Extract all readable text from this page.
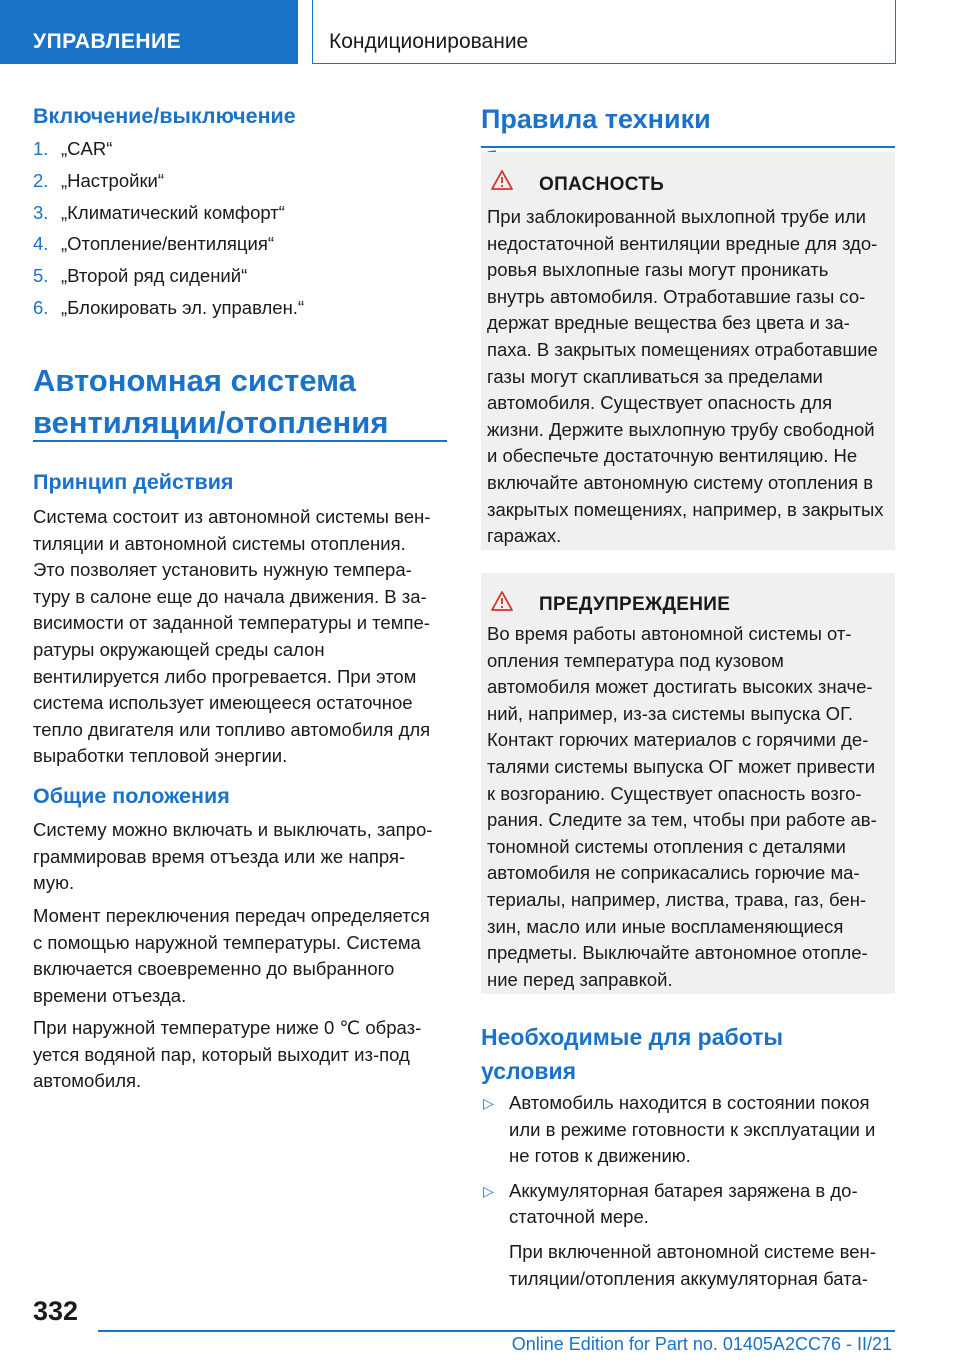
УПРАВЛЕНИЕ	Кондиционирование
Включение/выключение
1. „CAR“
2. „Настройки“
3. „Климатический комфорт“
4. „Отопление/вентиляция“
5. „Второй ряд сидений“
6. „Блокировать эл. управлен.“
Автономная система
вентиляции/отопления
Принцип действия
Система состоит из автономной системы вен-
тиляции и автономной системы отопления.
Это позволяет установить нужную темпера-
туру в салоне еще до начала движения. В за-
висимости от заданной температуры и темпе-
ратуры окружающей среды салон
вентилируется либо прогревается. При этом
система использует имеющееся остаточное
тепло двигателя или топливо автомобиля для
выработки тепловой энергии.
Общие положения
Систему можно включать и выключать, запро-
граммировав время отъезда или же напря-
мую.
Момент переключения передач определяется
с помощью наружной температуры. Система
включается своевременно до выбранного
времени отъезда.
При наружной температуре ниже 0 ℃ образ-
уется водяной пар, который выходит из-под
автомобиля.
Правила техники
ОПАСНОСТЬ
При заблокированной выхлопной трубе или
недостаточной вентиляции вредные для здо-
ровья выхлопные газы могут проникать
внутрь автомобиля. Отработавшие газы со-
держат вредные вещества без цвета и за-
паха. В закрытых помещениях отработавшие
газы могут скапливаться за пределами
автомобиля. Существует опасность для
жизни. Держите выхлопную трубу свободной
и обеспечьте достаточную вентиляцию. Не
включайте автономную систему отопления в
закрытых помещениях, например, в закрытых
гаражах.
ПРЕДУПРЕЖДЕНИЕ
Во время работы автономной системы от-
опления температура под кузовом
автомобиля может достигать высоких значе-
ний, например, из-за системы выпуска ОГ.
Контакт горючих материалов с горячими де-
талями системы выпуска ОГ может привести
к возгоранию. Существует опасность возго-
рания. Следите за тем, чтобы при работе ав-
тономной системы отопления с деталями
автомобиля не соприкасались горючие ма-
териалы, например, листва, трава, газ, бен-
зин, масло или иные воспламеняющиеся
предметы. Выключайте автономное отопле-
ние перед заправкой.
Необходимые для работы
условия
▷ Автомобиль находится в состоянии покоя
или в режиме готовности к эксплуатации и
не готов к движению.
▷ Аккумуляторная батарея заряжена в до-
статочной мере.
При включенной автономной системе вен-
тиляции/отопления аккумуляторная бата-
332
Online Edition for Part no. 01405A2CC76 - II/21
